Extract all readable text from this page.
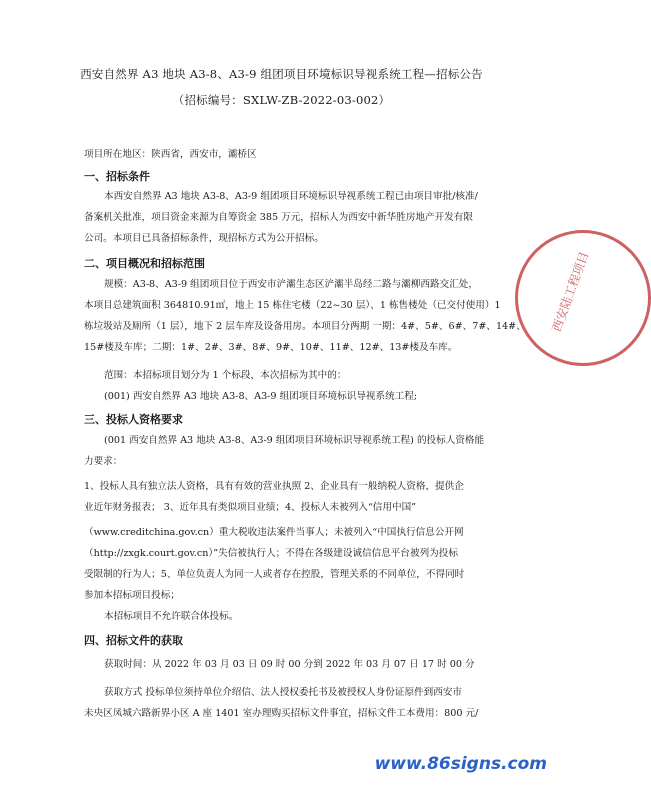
西安自然界 A3 地块 A3-8、A3-9 组团项目环境标识导视系统工程—招标公告
（招标编号：SXLW-ZB-2022-03-002）
项目所在地区：陕西省，西安市，灞桥区
一、招标条件
本西安自然界 A3 地块 A3-8、A3-9 组团项目环境标识导视系统工程已由项目审批/核准/
备案机关批准，项目资金来源为自筹资金 385 万元，招标人为西安中新华胜房地产开发有限
公司。本项目已具备招标条件，现招标方式为公开招标。
二、项目概况和招标范围
规模：A3-8、A3-9 组团项目位于西安市浐灞生态区浐灞半岛经二路与灞柳西路交汇处，
本项目总建筑面积 364810.91㎡，地上 15 栋住宅楼（22~30 层）、1 栋售楼处（已交付使用）1
栋垃圾站及厕所（1 层），地下 2 层车库及设备用房。本项目分两期 一期：4#、5#、6#、7#、14#、
15#楼及车库；二期：1#、2#、3#、8#、9#、10#、11#、12#、13#楼及车库。
范围：本招标项目划分为 1 个标段，本次招标为其中的：
(001) 西安自然界 A3 地块 A3-8、A3-9 组团项目环境标识导视系统工程;
三、投标人资格要求
(001 西安自然界 A3 地块 A3-8、A3-9 组团项目环境标识导视系统工程) 的投标人资格能
力要求：
1、投标人具有独立法人资格，具有有效的营业执照 2、企业具有一般纳税人资格，提供企
业近年财务报表； 3、近年具有类似项目业绩；4、投标人未被列入“信用中国”
（www.creditchina.gov.cn）重大税收违法案件当事人；未被列入“中国执行信息公开网
（http://zxgk.court.gov.cn）”失信被执行人；不得在各级建设诚信信息平台被列为投标
受限制的行为人；5、单位负责人为同一人或者存在控股，管理关系的不同单位，不得同时
参加本招标项目投标；
本招标项目不允许联合体投标。
四、招标文件的获取
获取时间：从 2022 年 03 月 03 日 09 时 00 分到 2022 年 03 月 07 日 17 时 00 分
获取方式 投标单位须持单位介绍信、法人授权委托书及被授权人身份证原件到西安市
未央区凤城六路新界小区 A 座 1401 室办理购买招标文件事宜，招标文件工本费用：800 元/
西安陆工程项目
www.86signs.com
